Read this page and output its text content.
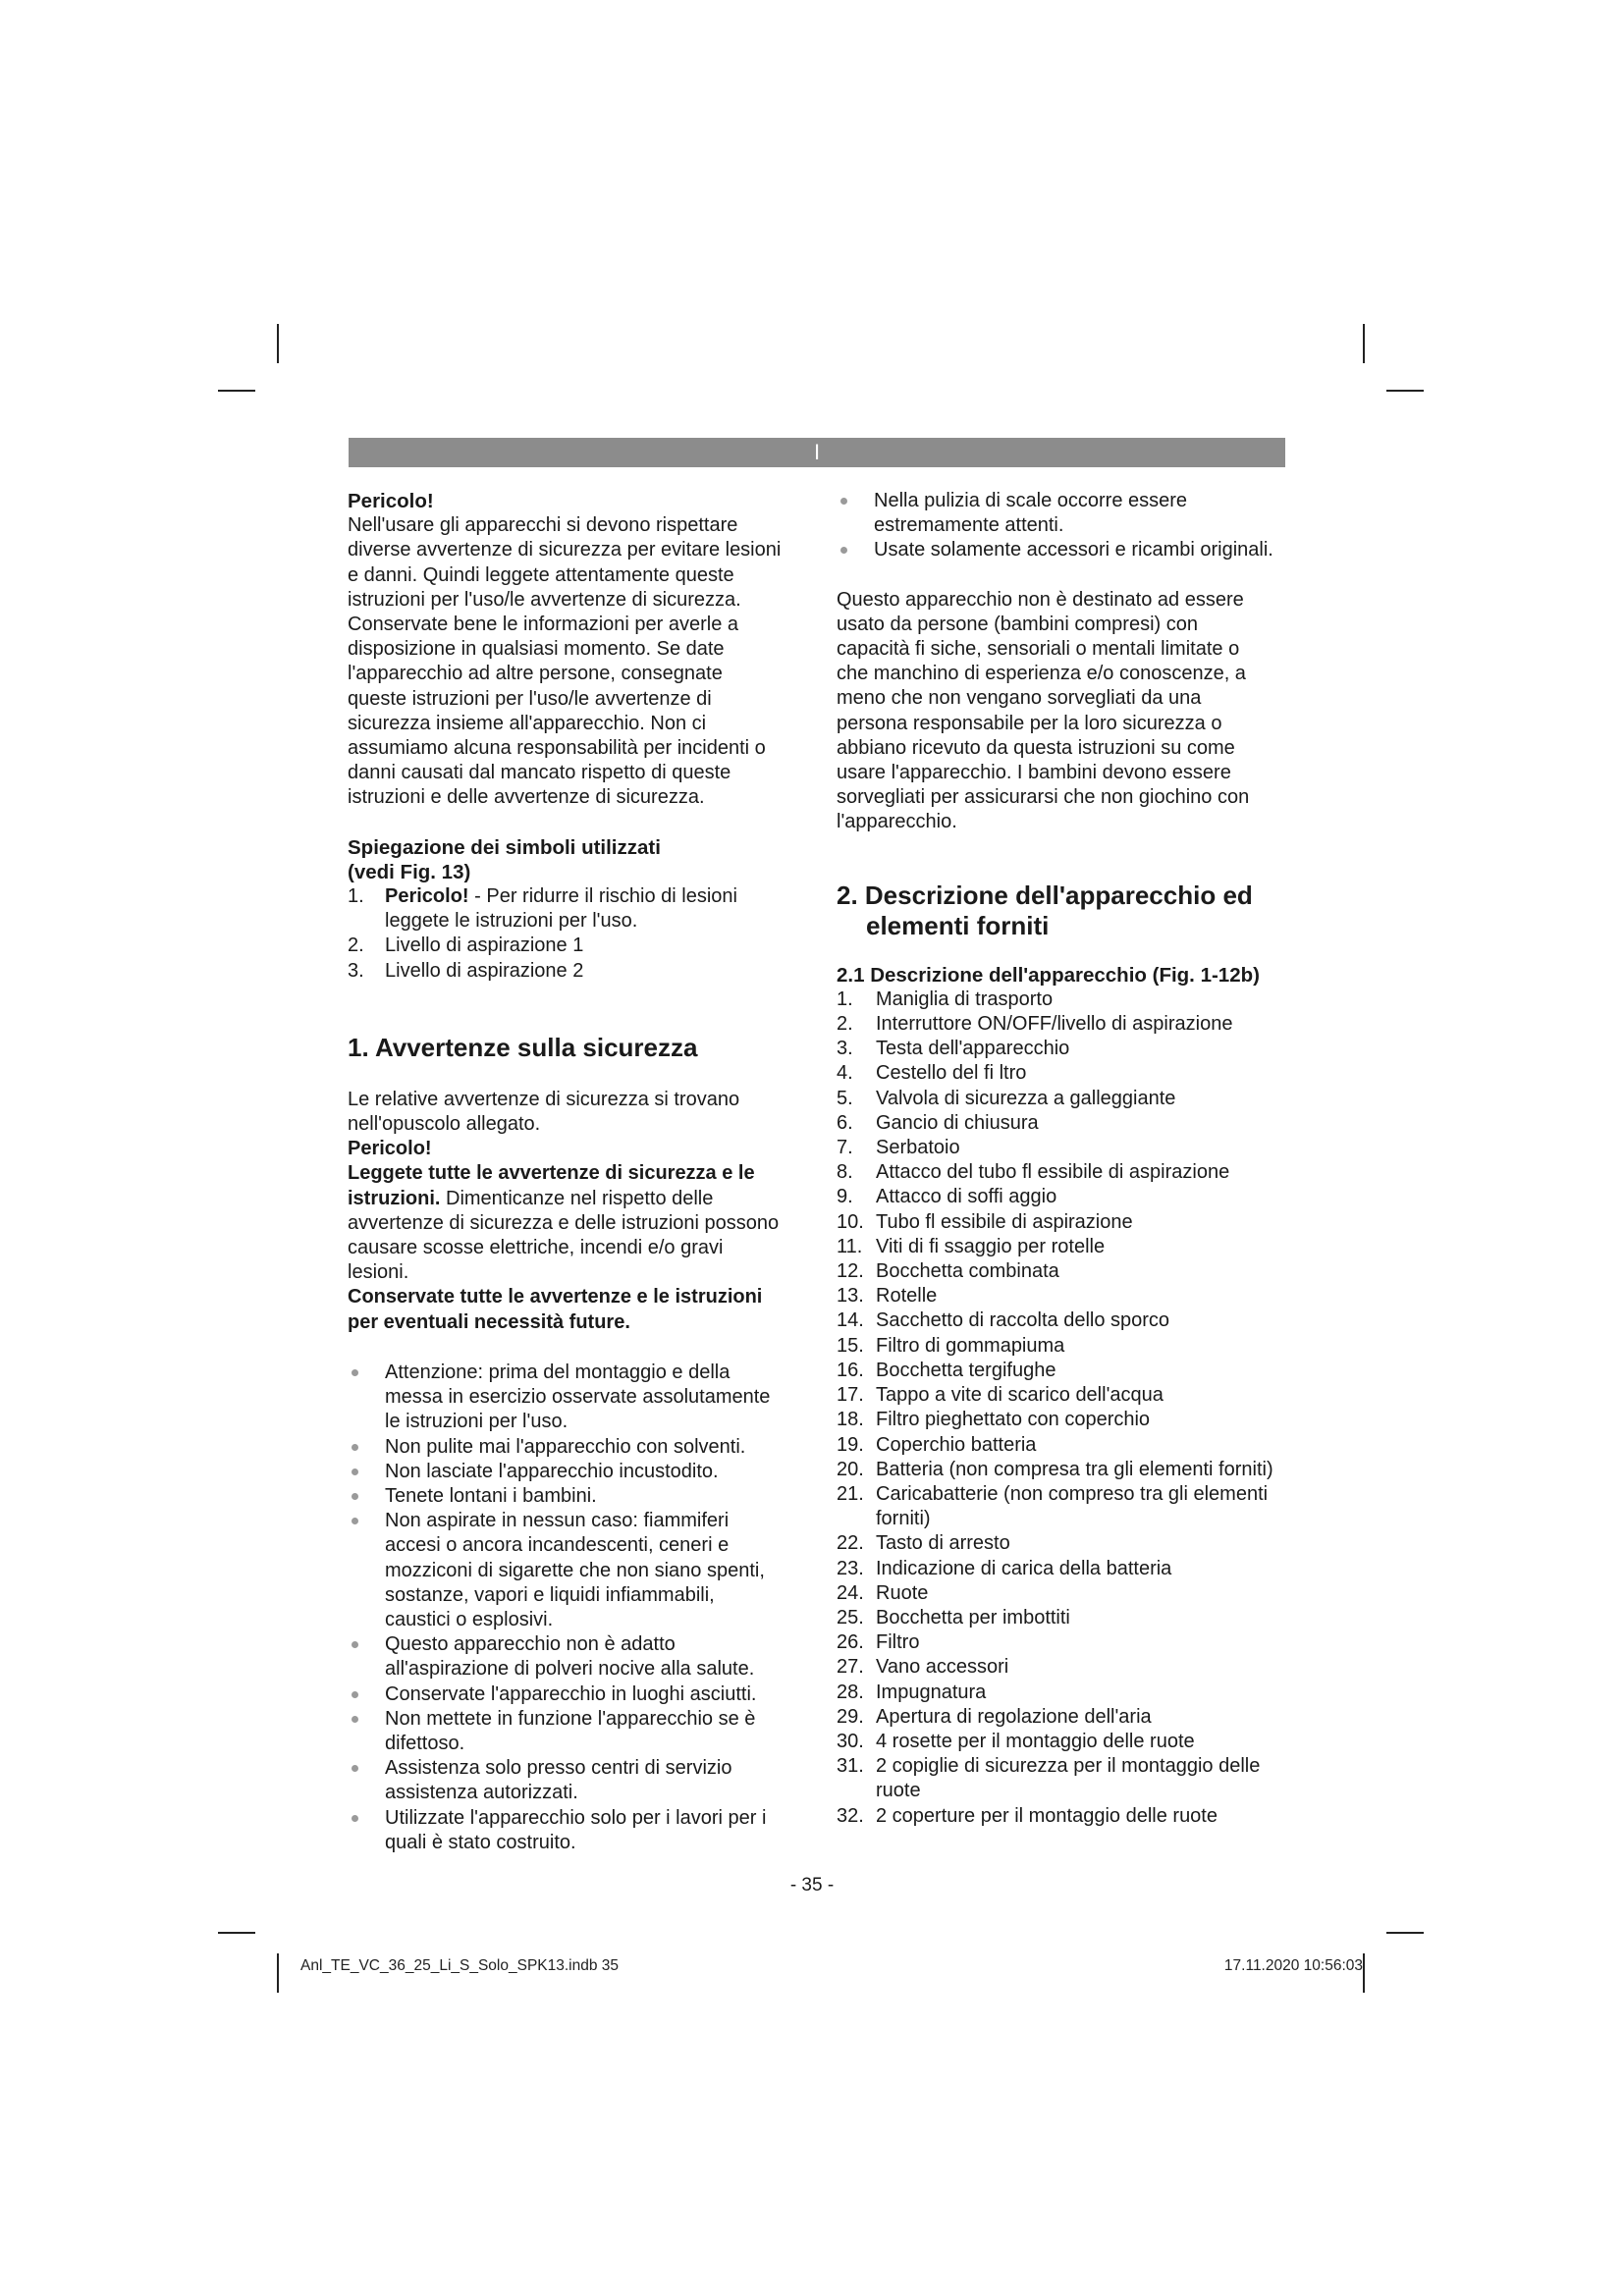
I

Pericolo!

Nell'usare gli apparecchi si devono rispettare diverse avvertenze di sicurezza per evitare lesioni e danni. Quindi leggete attentamente queste istruzioni per l'uso/le avvertenze di sicurezza. Conservate bene le informazioni per averle a disposizione in qualsiasi momento. Se date l'apparecchio ad altre persone, consegnate queste istruzioni per l'uso/le avvertenze di sicurezza insieme all'apparecchio. Non ci assumiamo alcuna responsabilità per incidenti o danni causati dal mancato rispetto di queste istruzioni e delle avvertenze di sicurezza.

Spiegazione dei simboli utilizzati

(vedi Fig. 13)

1. Pericolo! - Per ridurre il rischio di lesioni leggete le istruzioni per l'uso.
2. Livello di aspirazione 1
3. Livello di aspirazione 2

1. Avvertenze sulla sicurezza

Le relative avvertenze di sicurezza si trovano nell'opuscolo allegato.

Pericolo!

Leggete tutte le avvertenze di sicurezza e le istruzioni. Dimenticanze nel rispetto delle avvertenze di sicurezza e delle istruzioni possono causare scosse elettriche, incendi e/o gravi lesioni.

Conservate tutte le avvertenze e le istruzioni per eventuali necessità future.

Attenzione: prima del montaggio e della messa in esercizio osservate assolutamente le istruzioni per l'uso.
Non pulite mai l'apparecchio con solventi.
Non lasciate l'apparecchio incustodito.
Tenete lontani i bambini.
Non aspirate in nessun caso: fiammiferi accesi o ancora incandescenti, ceneri e mozziconi di sigarette che non siano spenti, sostanze, vapori e liquidi infiammabili, caustici o esplosivi.
Questo apparecchio non è adatto all'aspirazione di polveri nocive alla salute.
Conservate l'apparecchio in luoghi asciutti.
Non mettete in funzione l'apparecchio se è difettoso.
Assistenza solo presso centri di servizio assistenza autorizzati.
Utilizzate l'apparecchio solo per i lavori per i quali è stato costruito.
Nella pulizia di scale occorre essere estremamente attenti.
Usate solamente accessori e ricambi originali.

Questo apparecchio non è destinato ad essere usato da persone (bambini compresi) con capacità fi siche, sensoriali o mentali limitate o che manchino di esperienza e/o conoscenze, a meno che non vengano sorvegliati da una persona responsabile per la loro sicurezza o abbiano ricevuto da questa istruzioni su come usare l'apparecchio. I bambini devono essere sorvegliati per assicurarsi che non giochino con l'apparecchio.

2. Descrizione dell'apparecchio ed elementi forniti

2.1 Descrizione dell'apparecchio (Fig. 1-12b)

1. Maniglia di trasporto
2. Interruttore ON/OFF/livello di aspirazione
3. Testa dell'apparecchio
4. Cestello del fi ltro
5. Valvola di sicurezza a galleggiante
6. Gancio di chiusura
7. Serbatoio
8. Attacco del tubo fl essibile di aspirazione
9. Attacco di soffi aggio
10. Tubo fl essibile di aspirazione
11. Viti di fi ssaggio per rotelle
12. Bocchetta combinata
13. Rotelle
14. Sacchetto di raccolta dello sporco
15. Filtro di gommapiuma
16. Bocchetta tergifughe
17. Tappo a vite di scarico dell'acqua
18. Filtro pieghettato con coperchio
19. Coperchio batteria
20. Batteria (non compresa tra gli elementi forniti)
21. Caricabatterie (non compreso tra gli elementi forniti)
22. Tasto di arresto
23. Indicazione di carica della batteria
24. Ruote
25. Bocchetta per imbottiti
26. Filtro
27. Vano accessori
28. Impugnatura
29. Apertura di regolazione dell'aria
30. 4 rosette per il montaggio delle ruote
31. 2 copiglie di sicurezza per il montaggio delle ruote
32. 2 coperture per il montaggio delle ruote
- 35 -
Anl_TE_VC_36_25_Li_S_Solo_SPK13.indb 35	17.11.2020 10:56:03
